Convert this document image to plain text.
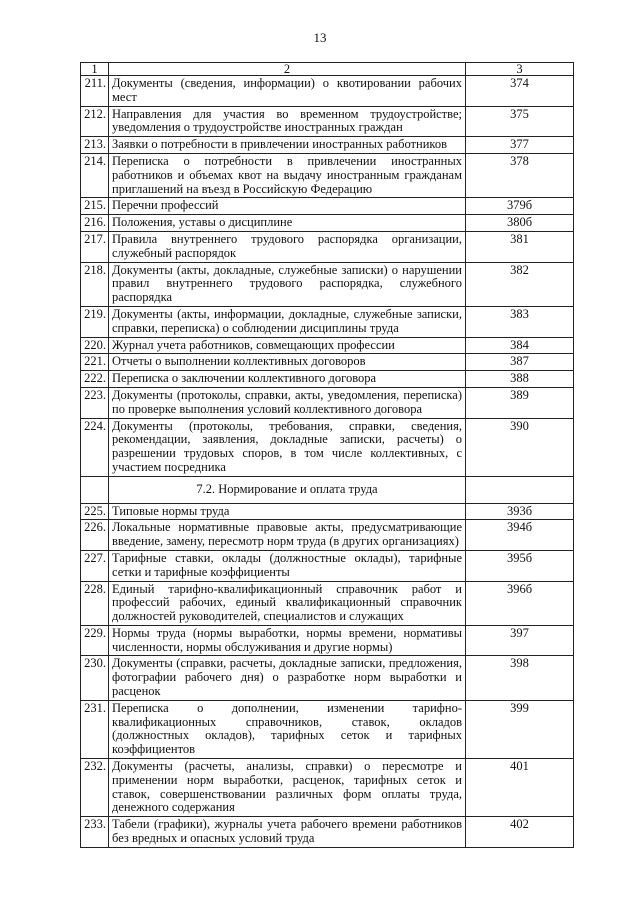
13
1	2	3
211.	Документы (сведения, информации) о квотировании рабочих мест	374
212.	Направления для участия во временном трудоустройстве; уведомления о трудоустройстве иностранных граждан	375
213.	Заявки о потребности в привлечении иностранных работников	377
214.	Переписка о потребности в привлечении иностранных работников и объемах квот на выдачу иностранным гражданам приглашений на въезд в Российскую Федерацию	378
215.	Перечни профессий	379б
216.	Положения, уставы о дисциплине	380б
217.	Правила внутреннего трудового распорядка организации, служебный распорядок	381
218.	Документы (акты, докладные, служебные записки) о нарушении правил внутреннего трудового распорядка, служебного распорядка	382
219.	Документы (акты, информации, докладные, служебные записки, справки, переписка) о соблюдении дисциплины труда	383
220.	Журнал учета работников, совмещающих профессии	384
221.	Отчеты о выполнении коллективных договоров	387
222.	Переписка о заключении коллективного договора	388
223.	Документы (протоколы, справки, акты, уведомления, переписка) по проверке выполнения условий коллективного договора	389
224.	Документы (протоколы, требования, справки, сведения, рекомендации, заявления, докладные записки, расчеты) о разрешении трудовых споров, в том числе коллективных, с участием посредника	390
	7.2. Нормирование и оплата труда	
225.	Типовые нормы труда	393б
226.	Локальные нормативные правовые акты, предусматривающие введение, замену, пересмотр норм труда (в других организациях)	394б
227.	Тарифные ставки, оклады (должностные оклады), тарифные сетки и тарифные коэффициенты	395б
228.	Единый тарифно-квалификационный справочник работ и профессий рабочих, единый квалификационный справочник должностей руководителей, специалистов и служащих	396б
229.	Нормы труда (нормы выработки, нормы времени, нормативы численности, нормы обслуживания и другие нормы)	397
230.	Документы (справки, расчеты, докладные записки, предложения, фотографии рабочего дня) о разработке норм выработки и расценок	398
231.	Переписка о дополнении, изменении тарифно-квалификационных справочников, ставок, окладов (должностных окладов), тарифных сеток и тарифных коэффициентов	399
232.	Документы (расчеты, анализы, справки) о пересмотре и применении норм выработки, расценок, тарифных сеток и ставок, совершенствовании различных форм оплаты труда, денежного содержания	401
233.	Табели (графики), журналы учета рабочего времени работников без вредных и опасных условий труда	402
